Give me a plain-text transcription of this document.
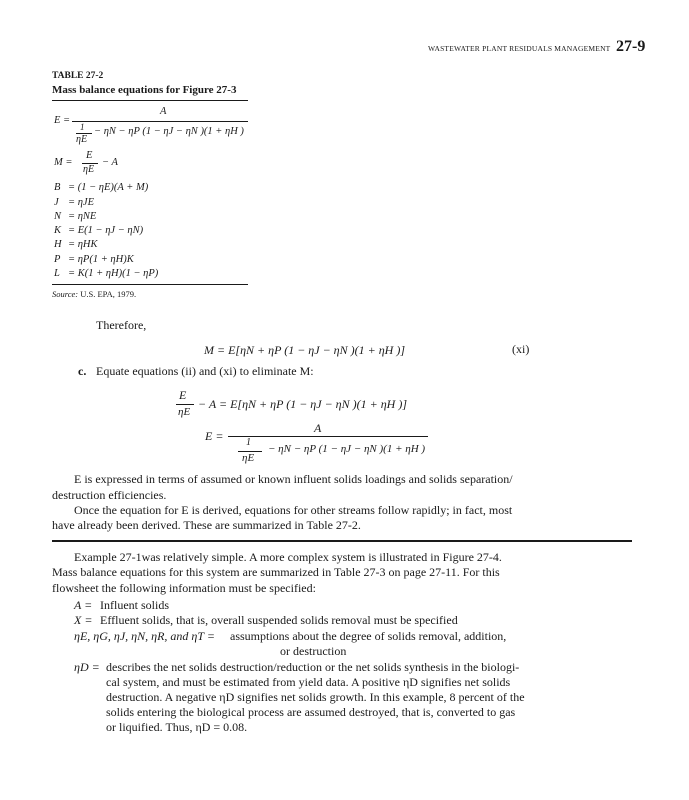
WASTEWATER PLANT RESIDUALS MANAGEMENT 27-9
TABLE 27-2
Mass balance equations for Figure 27-3
E =
A
1
ηE
− ηN − ηP (1 − ηJ − ηN )(1 + ηH )
M =
E
ηE
− A
B = (1 − ηE)(A + M)
J = ηJE
N = ηNE
K = E(1 − ηJ − ηN)
H = ηHK
P = ηP(1 + ηH)K
L = K(1 + ηH)(1 − ηP)
Source: U.S. EPA, 1979.
Therefore,
M = E[ηN + ηP (1 − ηJ − ηN )(1 + ηH )]	(xi)
c. Equate equations (ii) and (xi) to eliminate M:
E
ηE
− A = E[ηN + ηP (1 − ηJ − ηN )(1 + ηH )]
E =
A
1
ηE
− ηN − ηP (1 − ηJ − ηN )(1 + ηH )
E is expressed in terms of assumed or known influent solids loadings and solids separation/
destruction efficiencies.
Once the equation for E is derived, equations for other streams follow rapidly; in fact, most
have already been derived. These are summarized in Table 27-2.
Example 27-1was relatively simple. A more complex system is illustrated in Figure 27-4.
Mass balance equations for this system are summarized in Table 27-3 on page 27-11. For this
flowsheet the following information must be specified:
A = Influent solids
X = Effluent solids, that is, overall suspended solids removal must be specified
ηE, ηG, ηJ, ηN, ηR, and ηT = assumptions about the degree of solids removal, addition,
or destruction
ηD = describes the net solids destruction/reduction or the net solids synthesis in the biologi-
cal system, and must be estimated from yield data. A positive ηD signifies net solids
destruction. A negative ηD signifies net solids growth. In this example, 8 percent of the
solids entering the biological process are assumed destroyed, that is, converted to gas
or liquified. Thus, ηD = 0.08.
